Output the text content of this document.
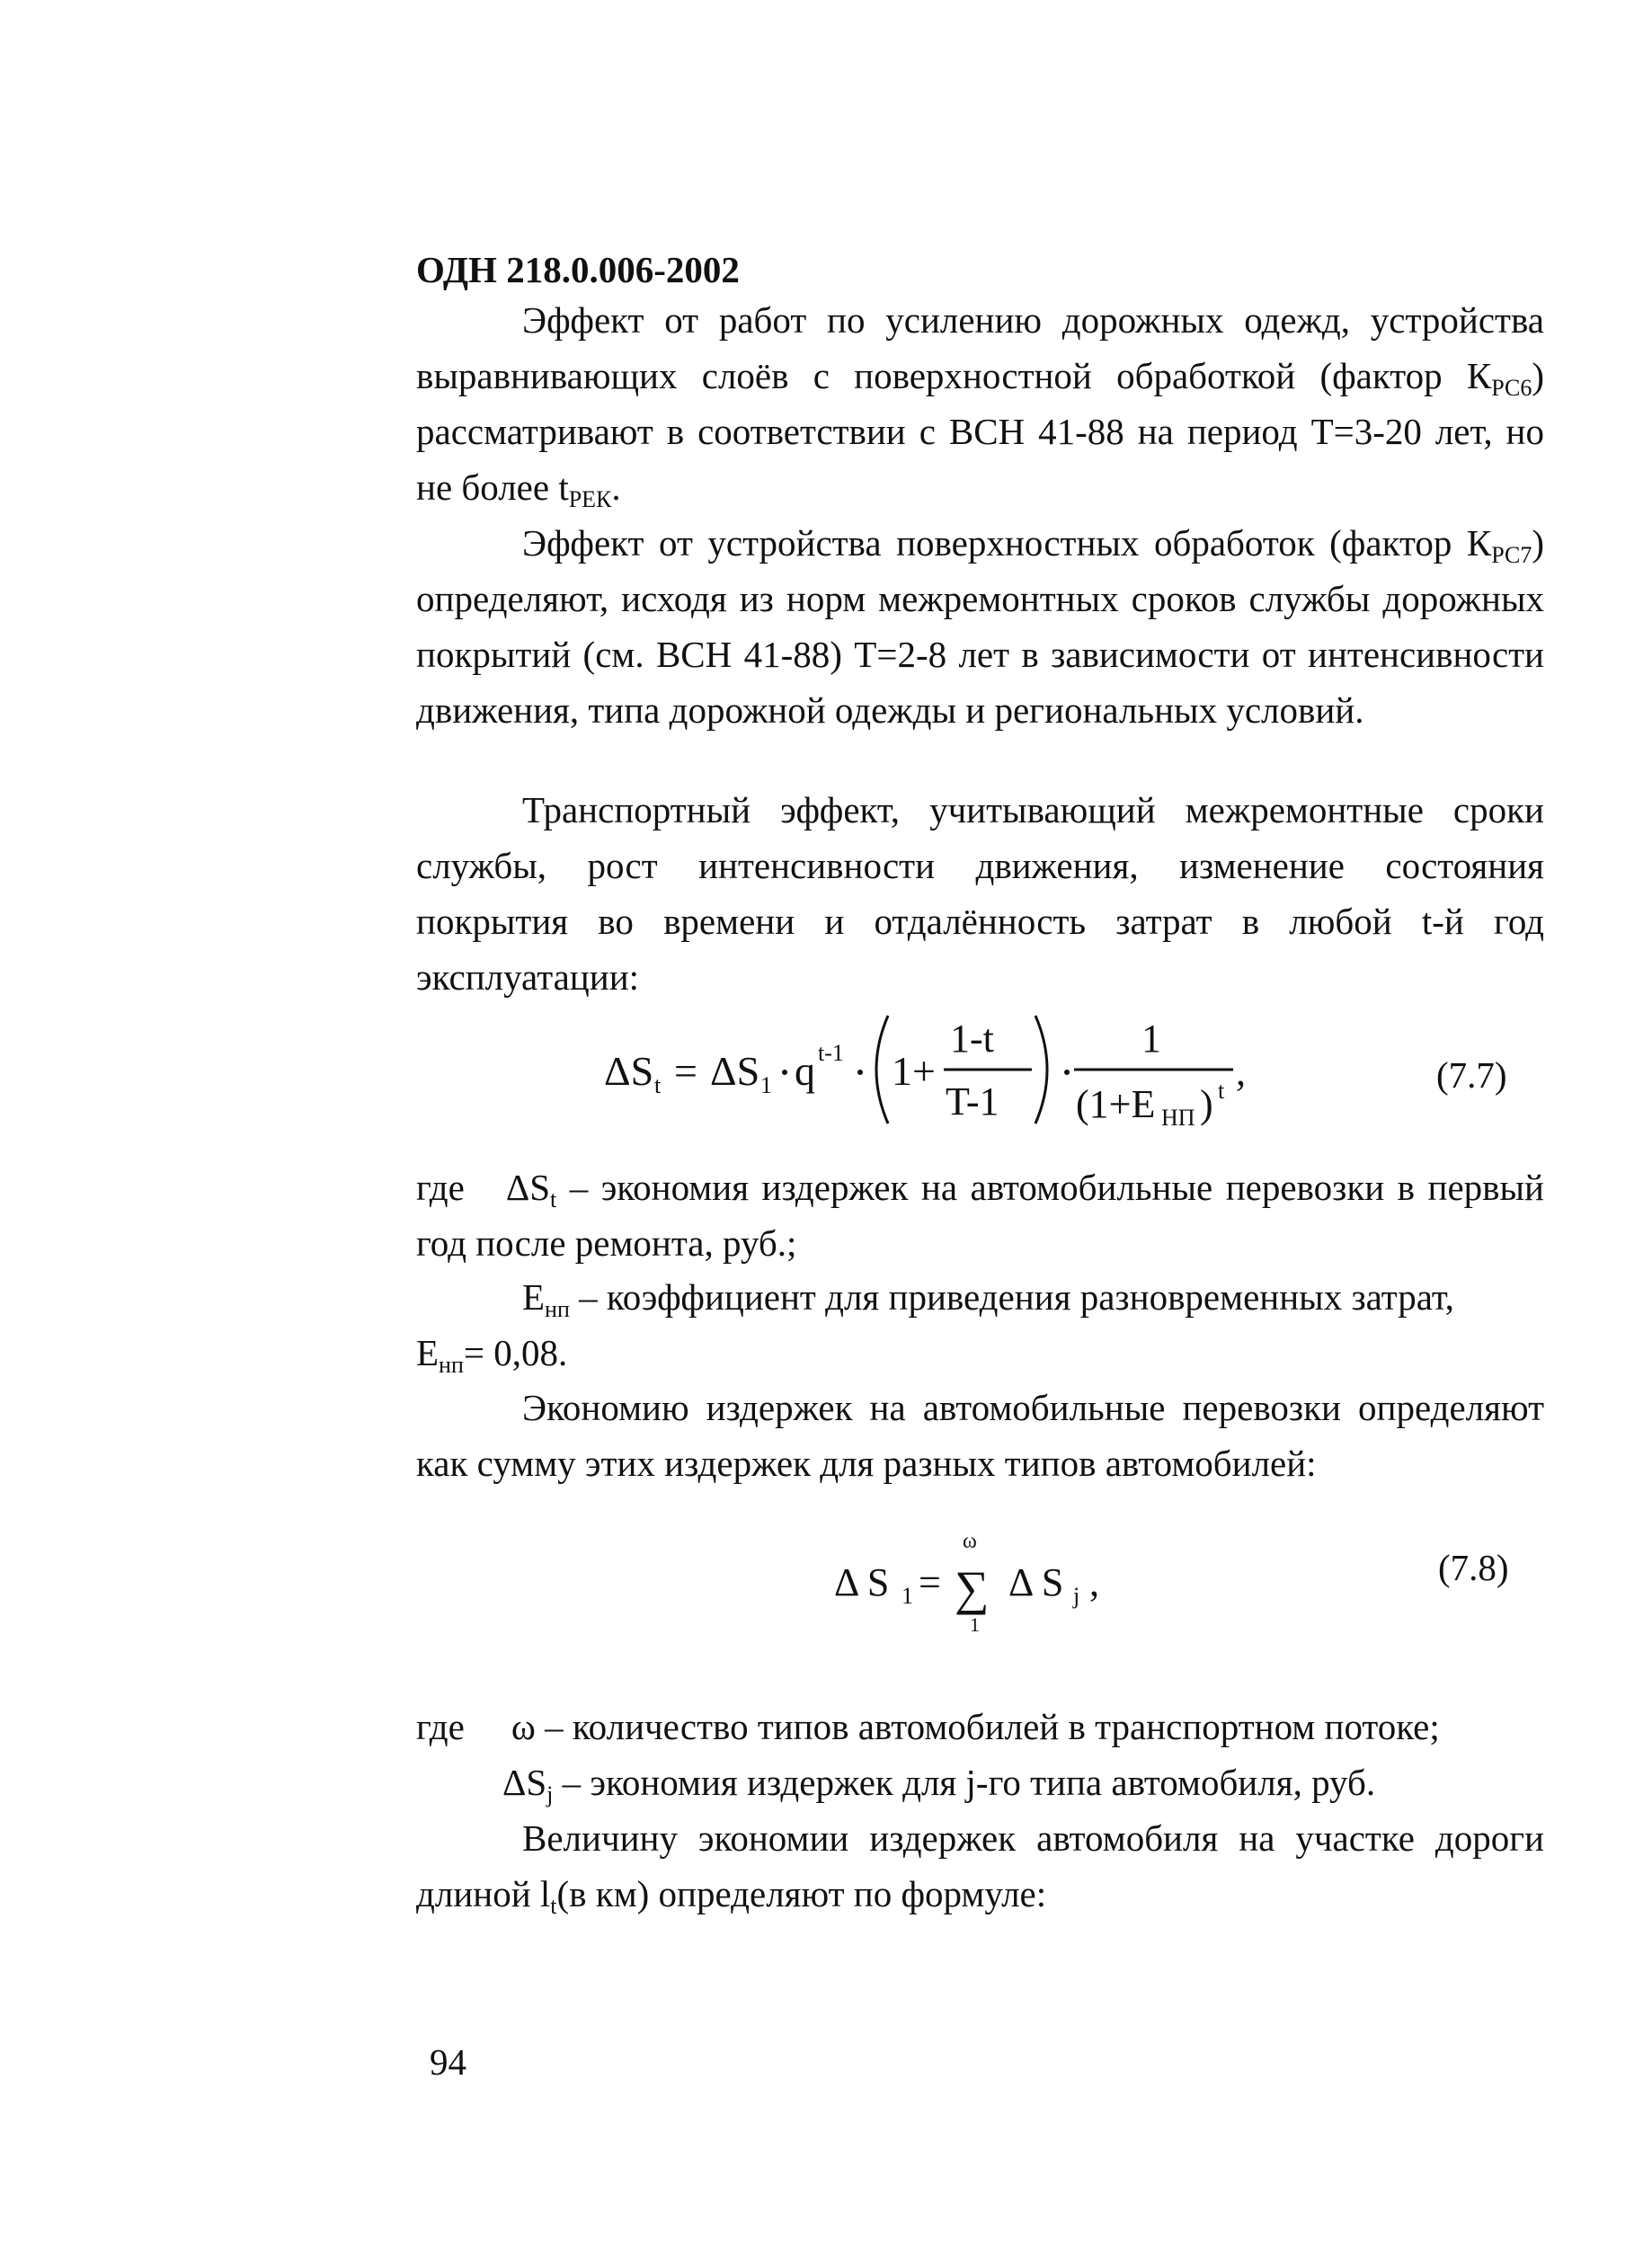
ОДН 218.0.006-2002

Эффект от работ по усилению дорожных одежд, устройства выравнивающих слоёв с поверхностной обработкой (фактор $К_{РС6}$) рассматривают в соответствии с ВСН 41-88 на период Т=3-20 лет, но не более $t_{РЕК}$.

Эффект от устройства поверхностных обработок (фактор $К_{РС7}$) определяют, исходя из норм межремонтных сроков службы дорожных покрытий (см. ВСН 41-88) Т=2-8 лет в зависимости от интенсивности движения, типа дорожной одежды и региональных условий.

Транспортный эффект, учитывающий межремонтные сроки службы, рост интенсивности движения, изменение состояния покрытия во времени и отдалённость затрат в любой t-й год эксплуатации:

ΔS t = ΔS 1 q t-1 1+
1-t
T-1
1
(1+E НП ) t ,	(7.7)

где $\Delta S_t$ – экономия издержек на автомобильные перевозки в первый год после ремонта, руб.;

$Е_{нп}$ – коэффициент для приведения разновременных затрат,
$Е_{нп}= 0,08$.

Экономию издержек на автомобильные перевозки определяют как сумму этих издержек для разных типов автомобилей:

Δ S 1 =
ω
∑
1
Δ S j ,	(7.8)

где ω – количество типов автомобилей в транспортном потоке;

$\Delta S_j$ – экономия издержек для j-го типа автомобиля, руб.

Величину экономии издержек автомобиля на участке дороги длиной $l_t(в$ км) определяют по формуле:

94
